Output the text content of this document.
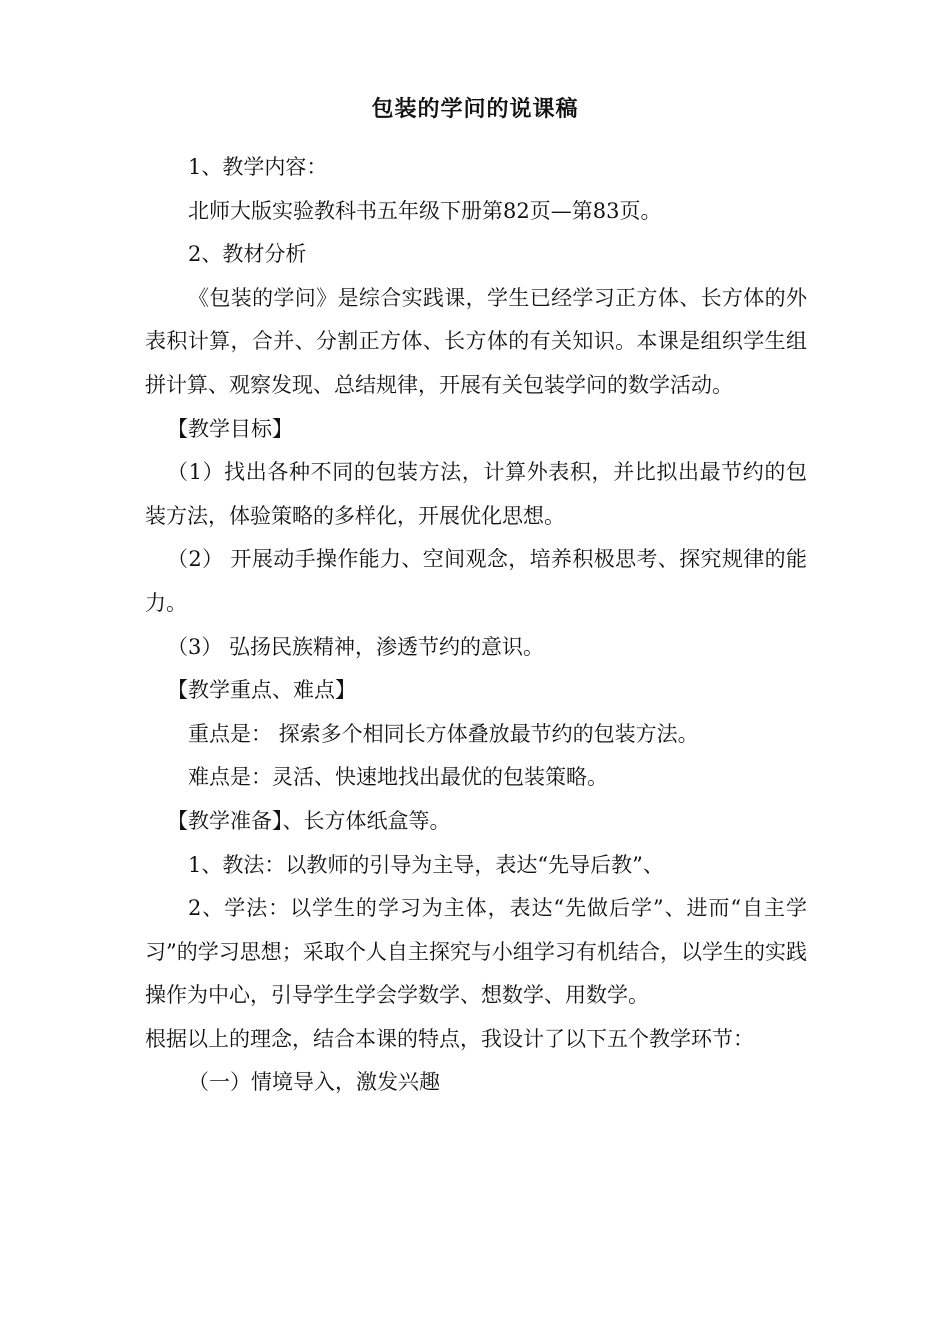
包装的学问的说课稿

1、教学内容：

北师大版实验教科书五年级下册第82页—第83页。

2、教材分析

《包装的学问》是综合实践课，学生已经学习正方体、长方体的外表积计算，合并、分割正方体、长方体的有关知识。本课是组织学生组拼计算、观察发现、总结规律，开展有关包装学问的数学活动。

【教学目标】

（1）找出各种不同的包装方法，计算外表积，并比拟出最节约的包装方法，体验策略的多样化，开展优化思想。

（2） 开展动手操作能力、空间观念，培养积极思考、探究规律的能力。

（3） 弘扬民族精神，渗透节约的意识。

【教学重点、难点】

重点是： 探索多个相同长方体叠放最节约的包装方法。

难点是：灵活、快速地找出最优的包装策略。

【教学准备】、长方体纸盒等。

1、教法：以教师的引导为主导，表达“先导后教”、

2、学法：以学生的学习为主体，表达“先做后学”、进而“自主学习”的学习思想；采取个人自主探究与小组学习有机结合，以学生的实践操作为中心，引导学生学会学数学、想数学、用数学。

根据以上的理念，结合本课的特点，我设计了以下五个教学环节：

（一）情境导入，激发兴趣
